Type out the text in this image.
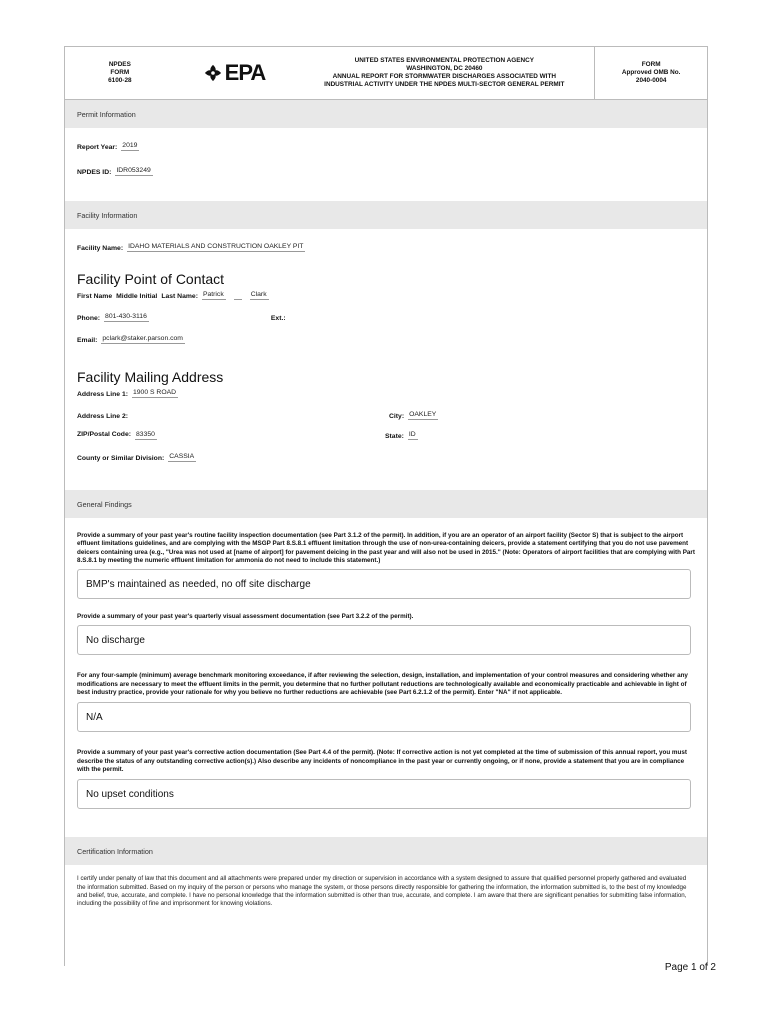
NPDES
FORM
6100-28	EPA	UNITED STATES ENVIRONMENTAL PROTECTION AGENCY
WASHINGTON, DC 20460
ANNUAL REPORT FOR STORMWATER DISCHARGES ASSOCIATED WITH
INDUSTRIAL ACTIVITY UNDER THE NPDES MULTI-SECTOR GENERAL PERMIT
FORM
Approved OMB No.
2040-0004
Permit Information
Report Year: 2019
NPDES ID: IDR053249
Facility Information
Facility Name: IDAHO MATERIALS AND CONSTRUCTION OAKLEY PIT
Facility Point of Contact
First Name Middle Initial Last Name: Patrick	Clark
Phone: 801-430-3116	Ext.:
Email: pclark@staker.parson.com
Facility Mailing Address
Address Line 1: 1900 S ROAD
Address Line 2:	City: OAKLEY
ZIP/Postal Code: 83350	State: ID
County or Similar Division: CASSIA
General Findings
Provide a summary of your past year's routine facility inspection documentation (see Part 3.1.2 of the permit). In addition, if you are an operator of an airport facility (Sector S) that is subject to the airport effluent limitations guidelines, and are complying with the MSGP Part 8.S.8.1 effluent limitation through the use of non-urea-containing deicers, provide a statement certifying that you do not use pavement deicers containing urea (e.g., "Urea was not used at [name of airport] for pavement deicing in the past year and will also not be used in 2015." (Note: Operators of airport facilities that are complying with Part 8.S.8.1 by meeting the numeric effluent limitation for ammonia do not need to include this statement.)
BMP's maintained as needed, no off site discharge
Provide a summary of your past year's quarterly visual assessment documentation (see Part 3.2.2 of the permit).
No discharge
For any four-sample (minimum) average benchmark monitoring exceedance, if after reviewing the selection, design, installation, and implementation of your control measures and considering whether any modifications are necessary to meet the effluent limits in the permit, you determine that no further pollutant reductions are technologically available and economically practicable and achievable in light of best industry practice, provide your rationale for why you believe no further reductions are achievable (see Part 6.2.1.2 of the permit). Enter "NA" if not applicable.
N/A
Provide a summary of your past year's corrective action documentation (See Part 4.4 of the permit). (Note: If corrective action is not yet completed at the time of submission of this annual report, you must describe the status of any outstanding corrective action(s).) Also describe any incidents of noncompliance in the past year or currently ongoing, or if none, provide a statement that you are in compliance with the permit.
No upset conditions
Certification Information
I certify under penalty of law that this document and all attachments were prepared under my direction or supervision in accordance with a system designed to assure that qualified personnel properly gathered and evaluated the information submitted. Based on my inquiry of the person or persons who manage the system, or those persons directly responsible for gathering the information, the information submitted is, to the best of my knowledge and belief, true, accurate, and complete. I have no personal knowledge that the information submitted is other than true, accurate, and complete. I am aware that there are significant penalties for submitting false information, including the possibility of fine and imprisonment for knowing violations.
Page 1 of 2
